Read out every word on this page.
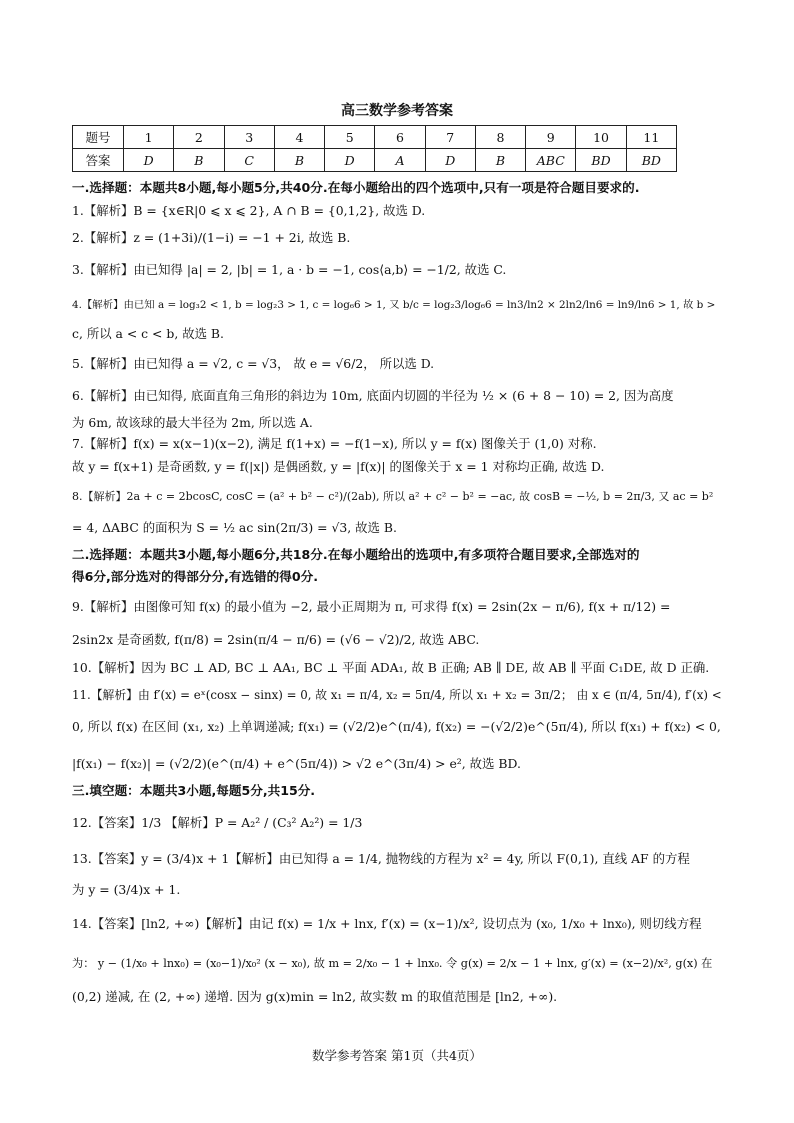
高三数学参考答案
题号	1	2	3	4	5	6	7	8	9	10	11
答案	D	B	C	B	D	A	D	B	ABC	BD	BD
一.选择题：本题共8小题,每小题5分,共40分.在每小题给出的四个选项中,只有一项是符合题目要求的.
1.【解析】B = {x∈R|0 ⩽ x ⩽ 2}, A ∩ B = {0,1,2}, 故选 D.
2.【解析】z = (1+3i)/(1−i) = −1 + 2i, 故选 B.
3.【解析】由已知得 |a| = 2, |b| = 1, a · b = −1, cos⟨a,b⟩ = −1/2, 故选 C.
4.【解析】由已知 a = log₃2 < 1, b = log₂3 > 1, c = log₆6 > 1, 又 b/c = log₂3/log₆6 = ln3/ln2 × 2ln2/ln6 = ln9/ln6 > 1, 故 b >
c, 所以 a < c < b, 故选 B.
5.【解析】由已知得 a = √2, c = √3， 故 e = √6/2， 所以选 D.
6.【解析】由已知得, 底面直角三角形的斜边为 10m, 底面内切圆的半径为 ½ × (6 + 8 − 10) = 2, 因为高度
为 6m, 故该球的最大半径为 2m, 所以选 A.
7.【解析】f(x) = x(x−1)(x−2), 满足 f(1+x) = −f(1−x), 所以 y = f(x) 图像关于 (1,0) 对称.
故 y = f(x+1) 是奇函数, y = f(|x|) 是偶函数, y = |f(x)| 的图像关于 x = 1 对称均正确, 故选 D.
8.【解析】2a + c = 2bcosC, cosC = (a² + b² − c²)/(2ab), 所以 a² + c² − b² = −ac, 故 cosB = −½, b = 2π/3, 又 ac = b²
= 4, ΔABC 的面积为 S = ½ ac sin(2π/3) = √3, 故选 B.
二.选择题：本题共3小题,每小题6分,共18分.在每小题给出的选项中,有多项符合题目要求,全部选对的
得6分,部分选对的得部分分,有选错的得0分.
9.【解析】由图像可知 f(x) 的最小值为 −2, 最小正周期为 π, 可求得 f(x) = 2sin(2x − π/6), f(x + π/12) =
2sin2x 是奇函数, f(π/8) = 2sin(π/4 − π/6) = (√6 − √2)/2, 故选 ABC.
10.【解析】因为 BC ⊥ AD, BC ⊥ AA₁, BC ⊥ 平面 ADA₁, 故 B 正确; AB ∥ DE, 故 AB ∥ 平面 C₁DE, 故 D 正确.
11.【解析】由 f′(x) = eˣ(cosx − sinx) = 0, 故 x₁ = π/4, x₂ = 5π/4, 所以 x₁ + x₂ = 3π/2； 由 x ∈ (π/4, 5π/4), f′(x) <
0, 所以 f(x) 在区间 (x₁, x₂) 上单调递减; f(x₁) = (√2/2)e^(π/4), f(x₂) = −(√2/2)e^(5π/4), 所以 f(x₁) + f(x₂) < 0,
|f(x₁) − f(x₂)| = (√2/2)(e^(π/4) + e^(5π/4)) > √2 e^(3π/4) > e², 故选 BD.
三.填空题：本题共3小题,每题5分,共15分.
12.【答案】1/3 【解析】P = A₂² / (C₃² A₂²) = 1/3
13.【答案】y = (3/4)x + 1【解析】由已知得 a = 1/4, 抛物线的方程为 x² = 4y, 所以 F(0,1), 直线 AF 的方程
为 y = (3/4)x + 1.
14.【答案】[ln2, +∞)【解析】由记 f(x) = 1/x + lnx, f′(x) = (x−1)/x², 设切点为 (x₀, 1/x₀ + lnx₀), 则切线方程
为： y − (1/x₀ + lnx₀) = (x₀−1)/x₀² (x − x₀), 故 m = 2/x₀ − 1 + lnx₀. 令 g(x) = 2/x − 1 + lnx, g′(x) = (x−2)/x², g(x) 在
(0,2) 递减, 在 (2, +∞) 递增. 因为 g(x)min = ln2, 故实数 m 的取值范围是 [ln2, +∞).
数学参考答案 第1页（共4页）
